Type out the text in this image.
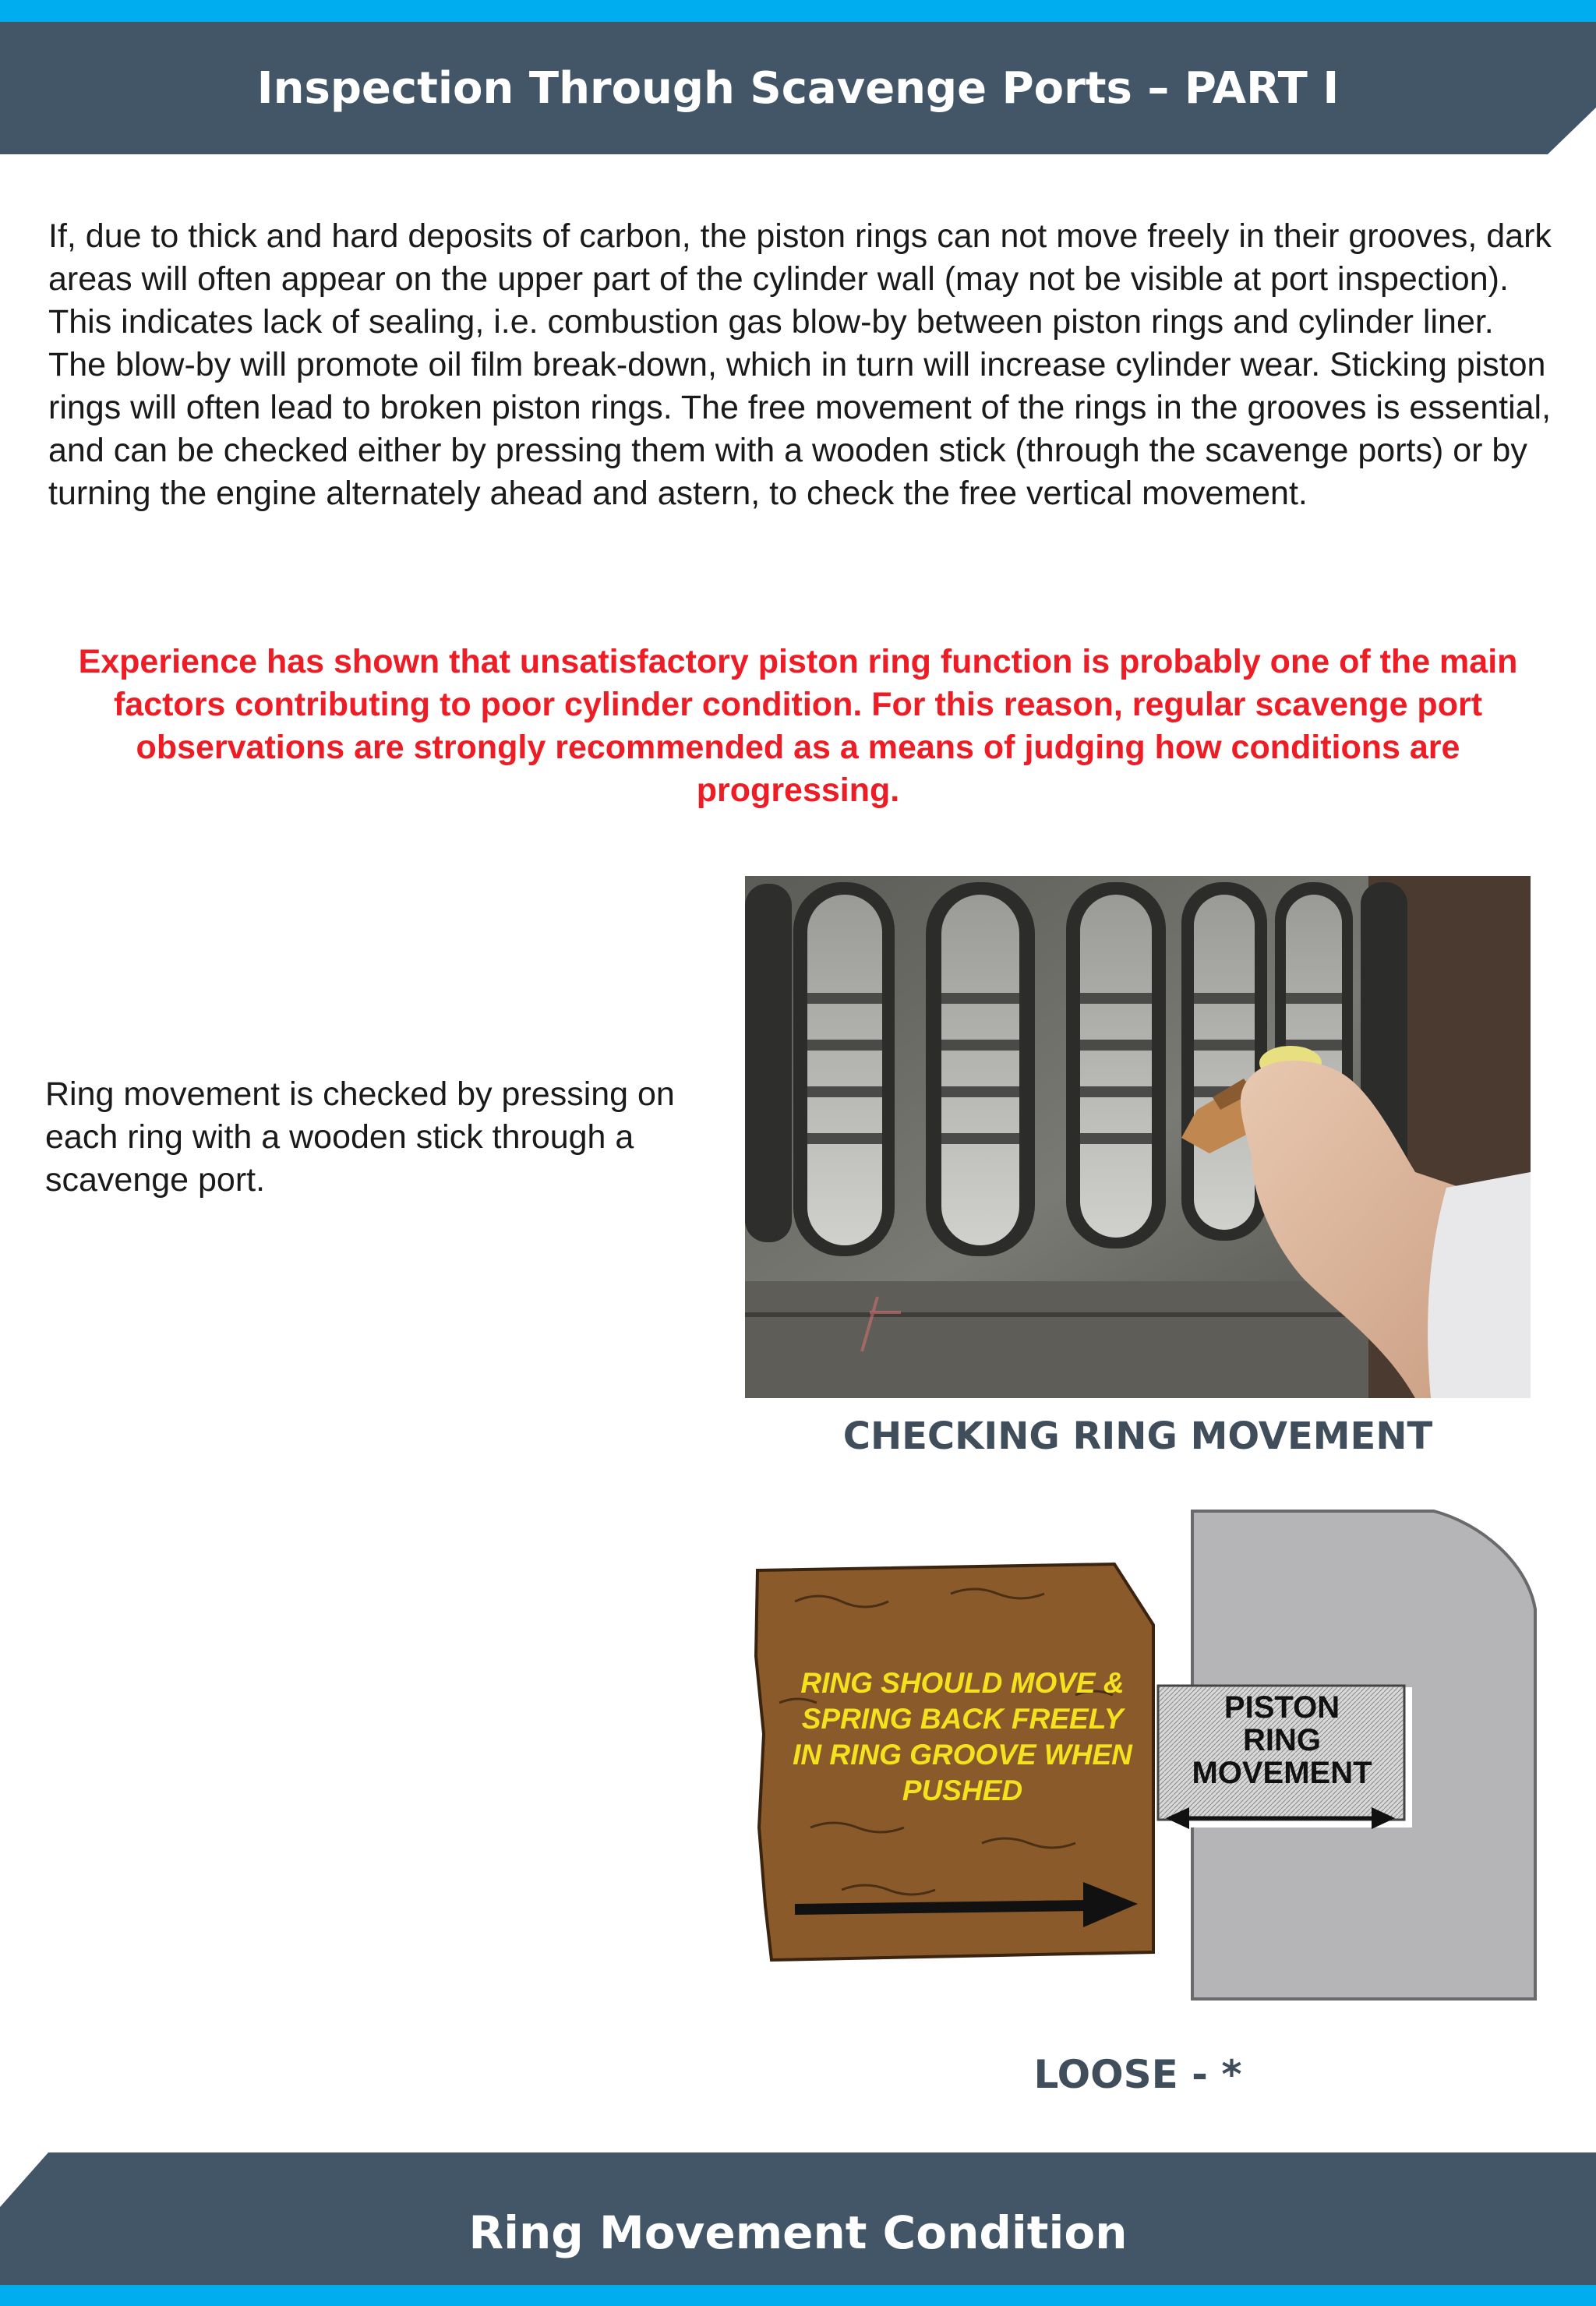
Inspection Through Scavenge Ports – PART I

If, due to thick and hard deposits of carbon, the piston rings can not move freely in their grooves, dark areas will often appear on the upper part of the cylinder wall (may not be visible at port inspection). This indicates lack of sealing, i.e. combustion gas blow-by between piston rings and cylinder liner.

The blow-by will promote oil film break-down, which in turn will increase cylinder wear. Sticking piston rings will often lead to broken piston rings. The free movement of the rings in the grooves is essential, and can be checked either by pressing them with a wooden stick (through the scavenge ports) or by turning the engine alternately ahead and astern, to check the free vertical movement.

Experience has shown that unsatisfactory piston ring function is probably one of the main factors contributing to poor cylinder condition. For this reason, regular scavenge port observations are strongly recommended as a means of judging how conditions are progressing.
Ring movement is checked by pressing on each ring with a wooden stick through a scavenge port.
CHECKING RING MOVEMENT
RING SHOULD MOVE &
SPRING BACK FREELY
IN RING GROOVE WHEN
PUSHED
PISTON
RING
MOVEMENT
LOOSE - *
Ring Movement Condition
